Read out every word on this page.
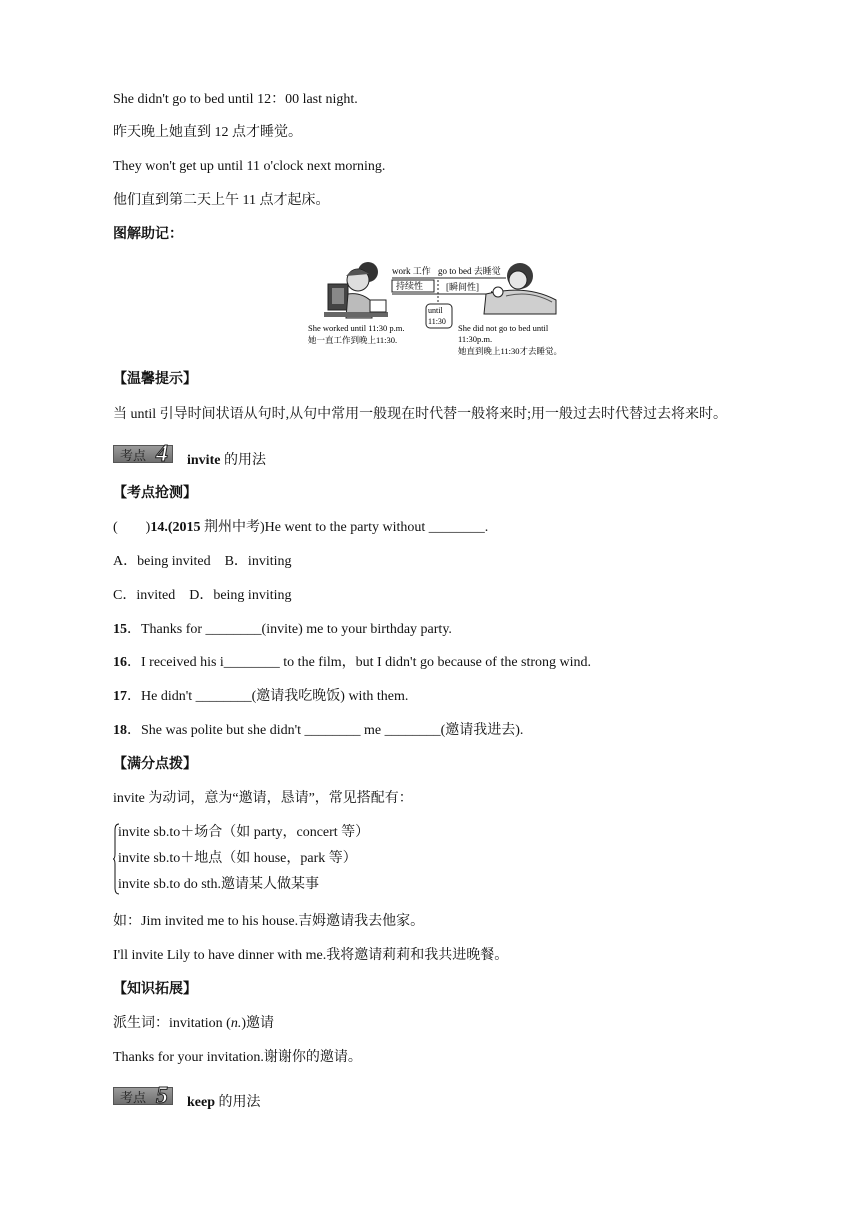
She didn't go to bed until 12：00 last night.
昨天晚上她直到 12 点才睡觉。
They won't get up until 11 o'clock next morning.
他们直到第二天上午 11 点才起床。
图解助记：
work 工作 go to bed 去睡觉
持续性	[瞬间性]
until
11:30
She worked until 11:30 p.m.
她一直工作到晚上11:30.
She did not go to bed until
11:30p.m.
她直到晚上11:30才去睡觉。
【温馨提示】
当 until 引导时间状语从句时,从句中常用一般现在时代替一般将来时;用一般过去时代替过去将来时。
考点 4 invite 的用法
【考点抢测】
(　　)14.(2015 荆州中考)He went to the party without ________.
A．being invited　B．inviting
C．invited　D．being inviting
15．Thanks for ________(invite) me to your birthday party.
16．I received his i________ to the film，but I didn't go because of the strong wind.
17．He didn't ________(邀请我吃晚饭) with them.
18．She was polite but she didn't ________ me ________(邀请我进去).
【满分点拨】
invite 为动词，意为“邀请，恳请”，常见搭配有：
invite sb.to＋场合（如 party，concert 等）
invite sb.to＋地点（如 house，park 等）
invite sb.to do sth.邀请某人做某事
如：Jim invited me to his house.吉姆邀请我去他家。
I'll invite Lily to have dinner with me.我将邀请莉莉和我共进晚餐。
【知识拓展】
派生词：invitation (n.)邀请
Thanks for your invitation.谢谢你的邀请。
考点 5 keep 的用法
